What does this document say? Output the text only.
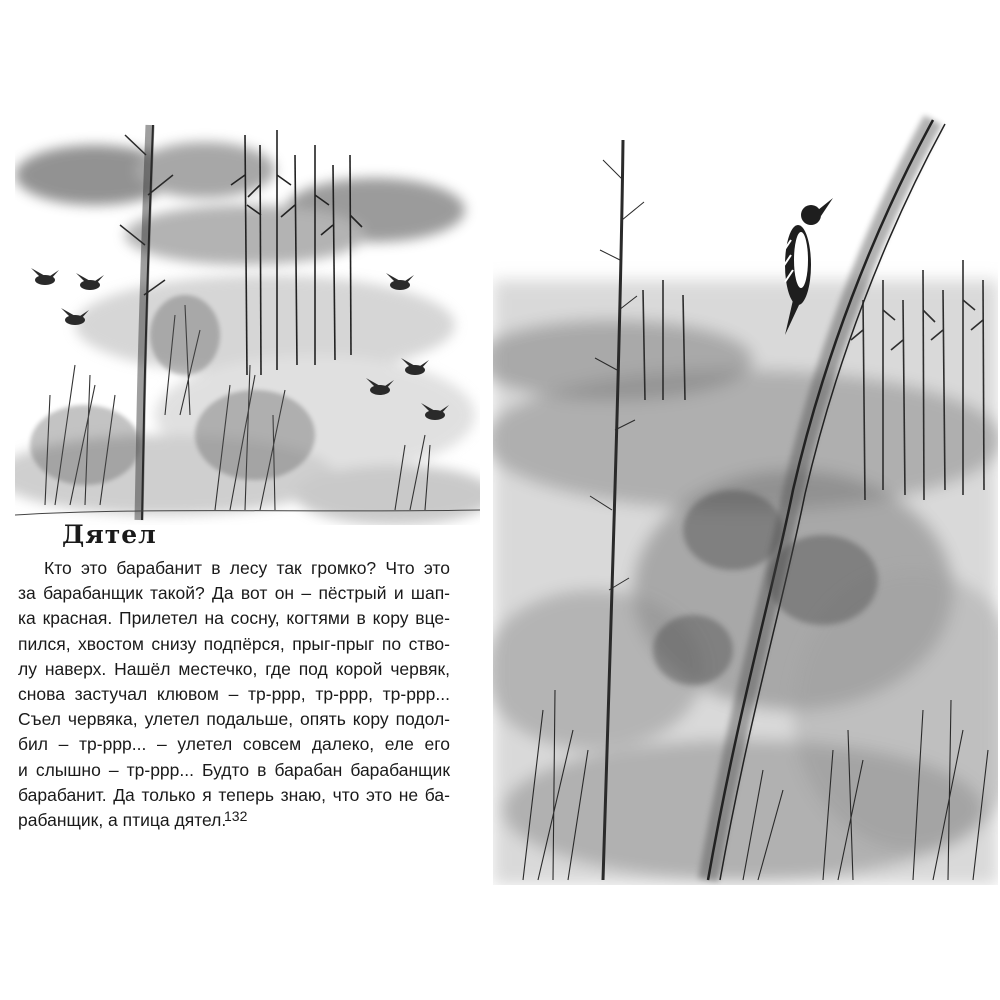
Дятел

Кто это барабанит в лесу так громко? Что это
за барабанщик такой? Да вот он – пёстрый и шап-
ка красная. Прилетел на сосну, когтями в кору вце-
пился, хвостом снизу подпёрся, прыг-прыг по ство-
лу наверх. Нашёл местечко, где под корой червяк,
снова застучал клювом – тр-ррр, тр-ррр, тр-ррр...
Съел червяка, улетел подальше, опять кору подол-
бил – тр-ррр... – улетел совсем далеко, еле его
и слышно – тр-ррр... Будто в барабан барабанщик
барабанит. Да только я теперь знаю, что это не ба-
рабанщик, а птица дятел.

132
